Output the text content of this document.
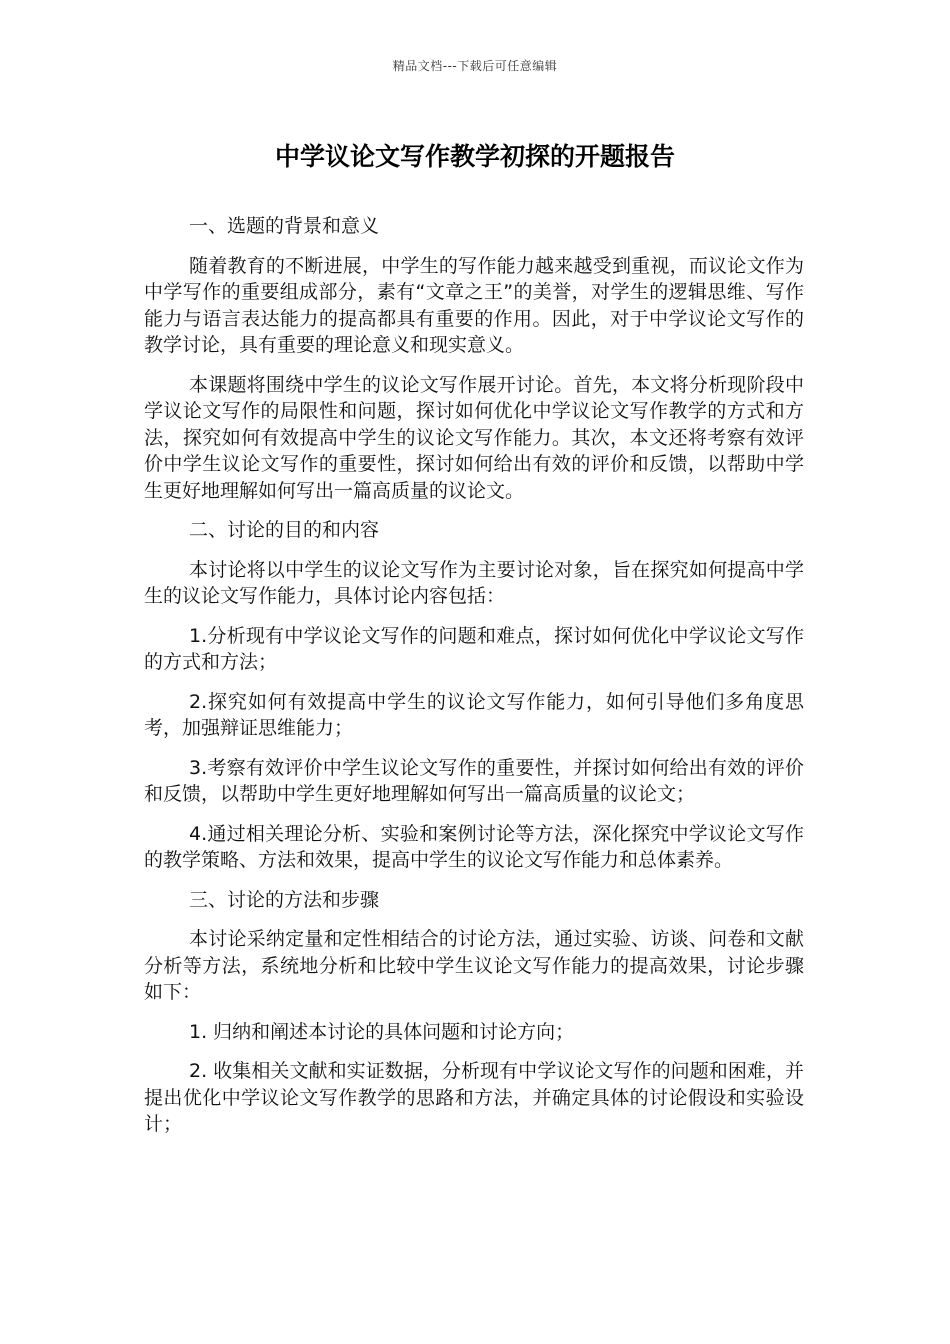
精品文档---下载后可任意编辑
中学议论文写作教学初探的开题报告

一、选题的背景和意义

随着教育的不断进展，中学生的写作能力越来越受到重视，而议论文作为中学写作的重要组成部分，素有“文章之王”的美誉，对学生的逻辑思维、写作能力与语言表达能力的提高都具有重要的作用。因此，对于中学议论文写作的教学讨论，具有重要的理论意义和现实意义。

本课题将围绕中学生的议论文写作展开讨论。首先，本文将分析现阶段中学议论文写作的局限性和问题，探讨如何优化中学议论文写作教学的方式和方法，探究如何有效提高中学生的议论文写作能力。其次，本文还将考察有效评价中学生议论文写作的重要性，探讨如何给出有效的评价和反馈，以帮助中学生更好地理解如何写出一篇高质量的议论文。

二、讨论的目的和内容

本讨论将以中学生的议论文写作为主要讨论对象，旨在探究如何提高中学生的议论文写作能力，具体讨论内容包括：

1.分析现有中学议论文写作的问题和难点，探讨如何优化中学议论文写作的方式和方法；

2.探究如何有效提高中学生的议论文写作能力，如何引导他们多角度思考，加强辩证思维能力；

3.考察有效评价中学生议论文写作的重要性，并探讨如何给出有效的评价和反馈，以帮助中学生更好地理解如何写出一篇高质量的议论文；

4.通过相关理论分析、实验和案例讨论等方法，深化探究中学议论文写作的教学策略、方法和效果，提高中学生的议论文写作能力和总体素养。

三、讨论的方法和步骤

本讨论采纳定量和定性相结合的讨论方法，通过实验、访谈、问卷和文献分析等方法，系统地分析和比较中学生议论文写作能力的提高效果，讨论步骤如下：

1. 归纳和阐述本讨论的具体问题和讨论方向；

2. 收集相关文献和实证数据，分析现有中学议论文写作的问题和困难，并提出优化中学议论文写作教学的思路和方法，并确定具体的讨论假设和实验设计；
